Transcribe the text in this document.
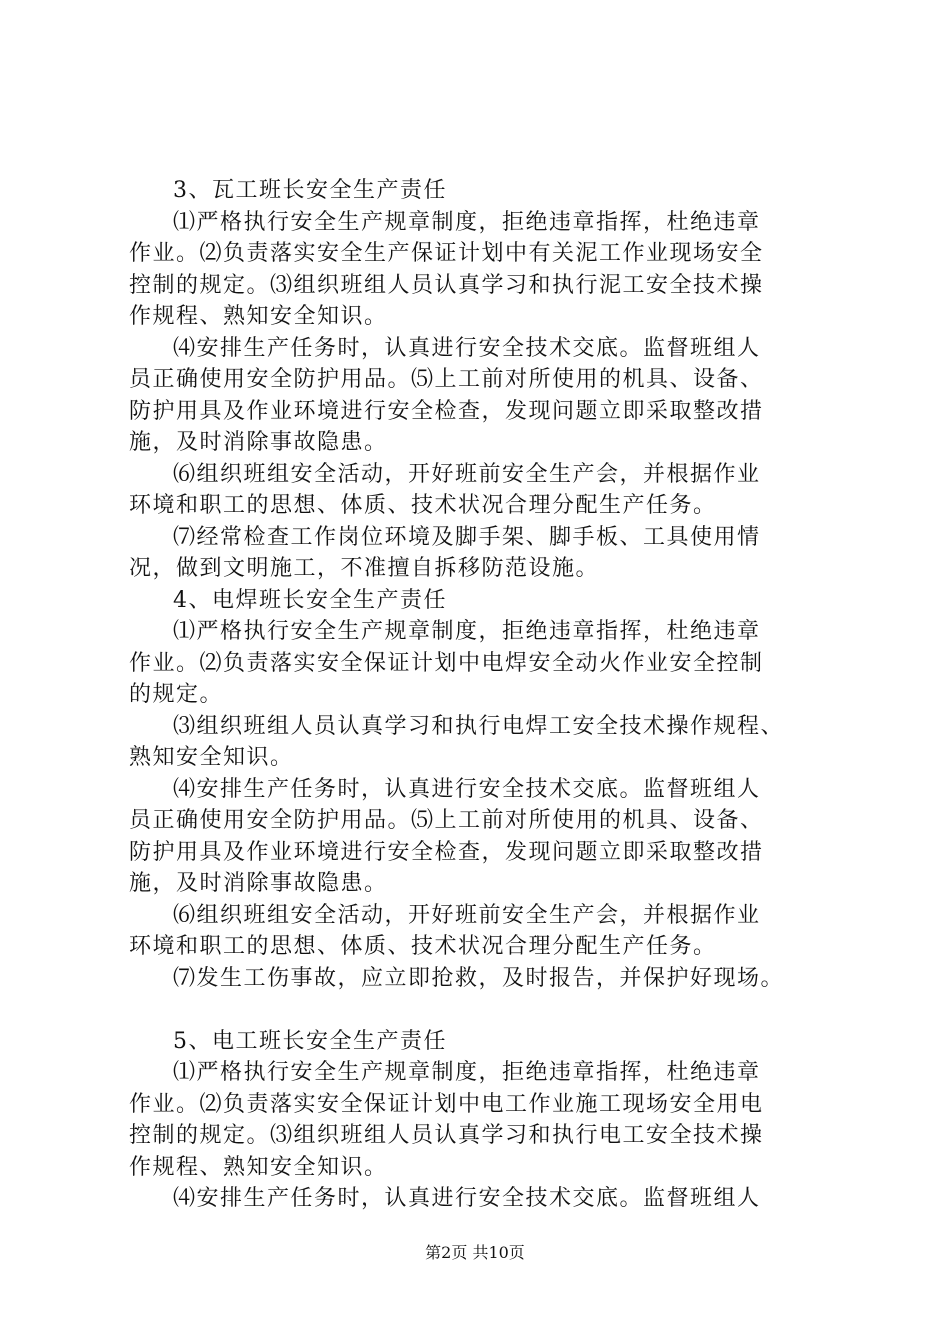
3、瓦工班长安全生产责任
⑴严格执行安全生产规章制度，拒绝违章指挥，杜绝违章
作业。⑵负责落实安全生产保证计划中有关泥工作业现场安全
控制的规定。⑶组织班组人员认真学习和执行泥工安全技术操
作规程、熟知安全知识。
⑷安排生产任务时，认真进行安全技术交底。监督班组人
员正确使用安全防护用品。⑸上工前对所使用的机具、设备、
防护用具及作业环境进行安全检查，发现问题立即采取整改措
施，及时消除事故隐患。
⑹组织班组安全活动，开好班前安全生产会，并根据作业
环境和职工的思想、体质、技术状况合理分配生产任务。
⑺经常检查工作岗位环境及脚手架、脚手板、工具使用情
况，做到文明施工，不准擅自拆移防范设施。
4、电焊班长安全生产责任
⑴严格执行安全生产规章制度，拒绝违章指挥，杜绝违章
作业。⑵负责落实安全保证计划中电焊安全动火作业安全控制
的规定。
⑶组织班组人员认真学习和执行电焊工安全技术操作规程、
熟知安全知识。
⑷安排生产任务时，认真进行安全技术交底。监督班组人
员正确使用安全防护用品。⑸上工前对所使用的机具、设备、
防护用具及作业环境进行安全检查，发现问题立即采取整改措
施，及时消除事故隐患。
⑹组织班组安全活动，开好班前安全生产会，并根据作业
环境和职工的思想、体质、技术状况合理分配生产任务。
⑺发生工伤事故，应立即抢救，及时报告，并保护好现场。
5、电工班长安全生产责任
⑴严格执行安全生产规章制度，拒绝违章指挥，杜绝违章
作业。⑵负责落实安全保证计划中电工作业施工现场安全用电
控制的规定。⑶组织班组人员认真学习和执行电工安全技术操
作规程、熟知安全知识。
⑷安排生产任务时，认真进行安全技术交底。监督班组人
第2页 共10页
